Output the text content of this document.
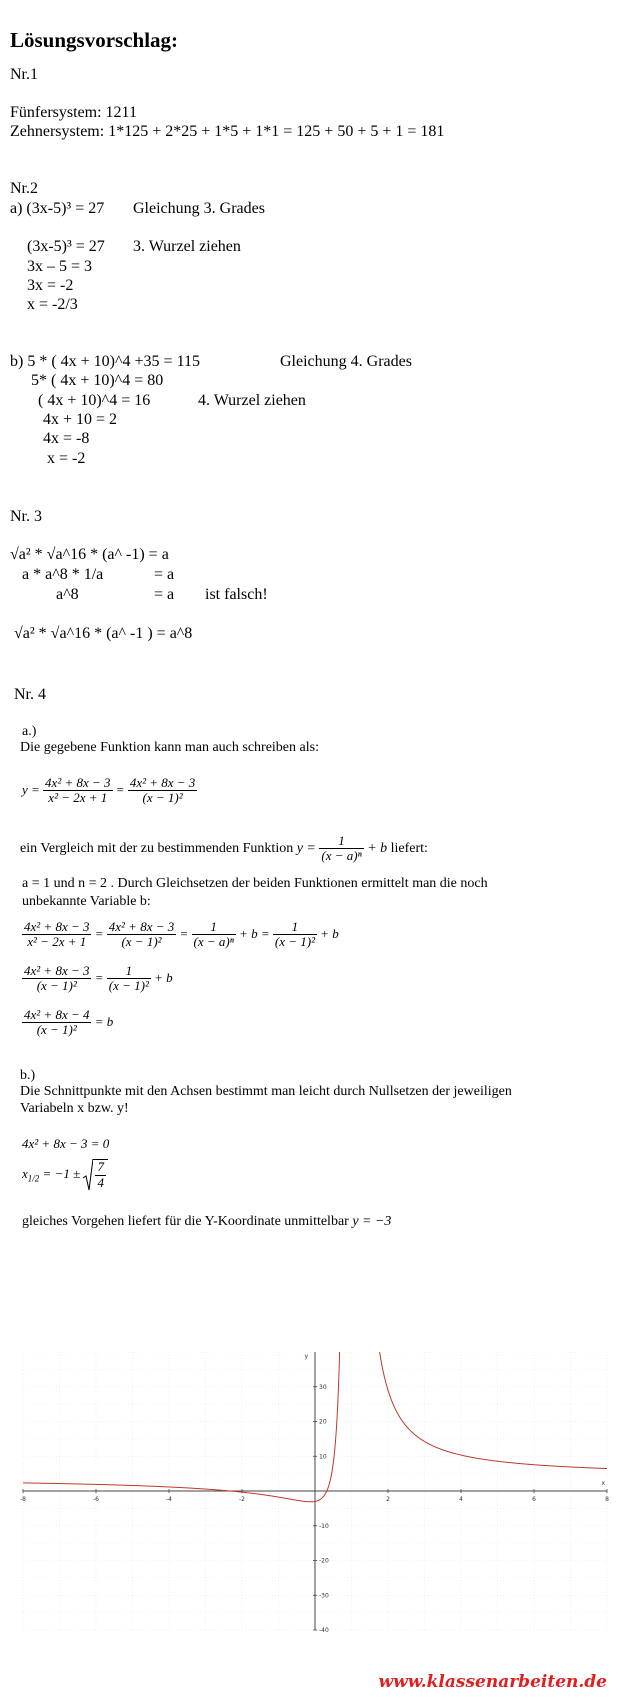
Lösungsvorschlag:
Nr.1
Fünfersystem: 1211
Zehnersystem: 1*125 + 2*25 + 1*5 + 1*1 = 125 + 50 + 5 + 1 = 181
Nr.2
a) (3x-5)³ = 27 Gleichung 3. Grades
(3x-5)³ = 27 3. Wurzel ziehen
3x – 5 = 3
3x = -2
x = -2/3
b) 5 * ( 4x + 10)^4 +35 = 115	Gleichung 4. Grades
5* ( 4x + 10)^4 = 80
( 4x + 10)^4 = 16	4. Wurzel ziehen
4x + 10 = 2
4x = -8
x = -2
Nr. 3
√a² * √a^16 * (a^ -1) = a
a * a^8 * 1/a	= a
a^8	= a ist falsch!
√a² * √a^16 * (a^ -1 ) = a^8
Nr. 4
a.)
Die gegebene Funktion kann man auch schreiben als:
$y = \frac{\text{4x² + 8x − 3}}{\text{x² − 2x + 1}} = \frac{\text{4x² + 8x − 3}}{\text{(x − 1)²}}$
ein Vergleich mit der zu bestimmenden Funktion $y = \frac{1}{\text{(x − a)ⁿ}} + b$ liefert:
a = 1 und n = 2 . Durch Gleichsetzen der beiden Funktionen ermittelt man die noch
unbekannte Variable b:
$\frac{\text{4x² + 8x − 3}}{\text{x² − 2x + 1}} = \frac{\text{4x² + 8x − 3}}{\text{(x − 1)²}} = \frac{1}{\text{(x − a)ⁿ}} + b = \frac{1}{\text{(x − 1)²}} + b$
$\frac{\text{4x² + 8x − 3}}{\text{(x − 1)²}} = \frac{1}{\text{(x − 1)²}} + b$
$\frac{\text{4x² + 8x − 4}}{\text{(x − 1)²}} = b$
b.)
Die Schnittpunkte mit den Achsen bestimmt man leicht durch Nullsetzen der jeweiligen
Variabeln x bzw. y!
4x² + 8x − 3 = 0
$x_{1/2} = -1 \pm \frac{7}{4}$
gleiches Vorgehen liefert für die Y-Koordinate unmittelbar y = −3
-8	-6	-4	-2	2	4	6	8
30
20
10
-10
-20
-30
-40
x
y
www.klassenarbeiten.de
